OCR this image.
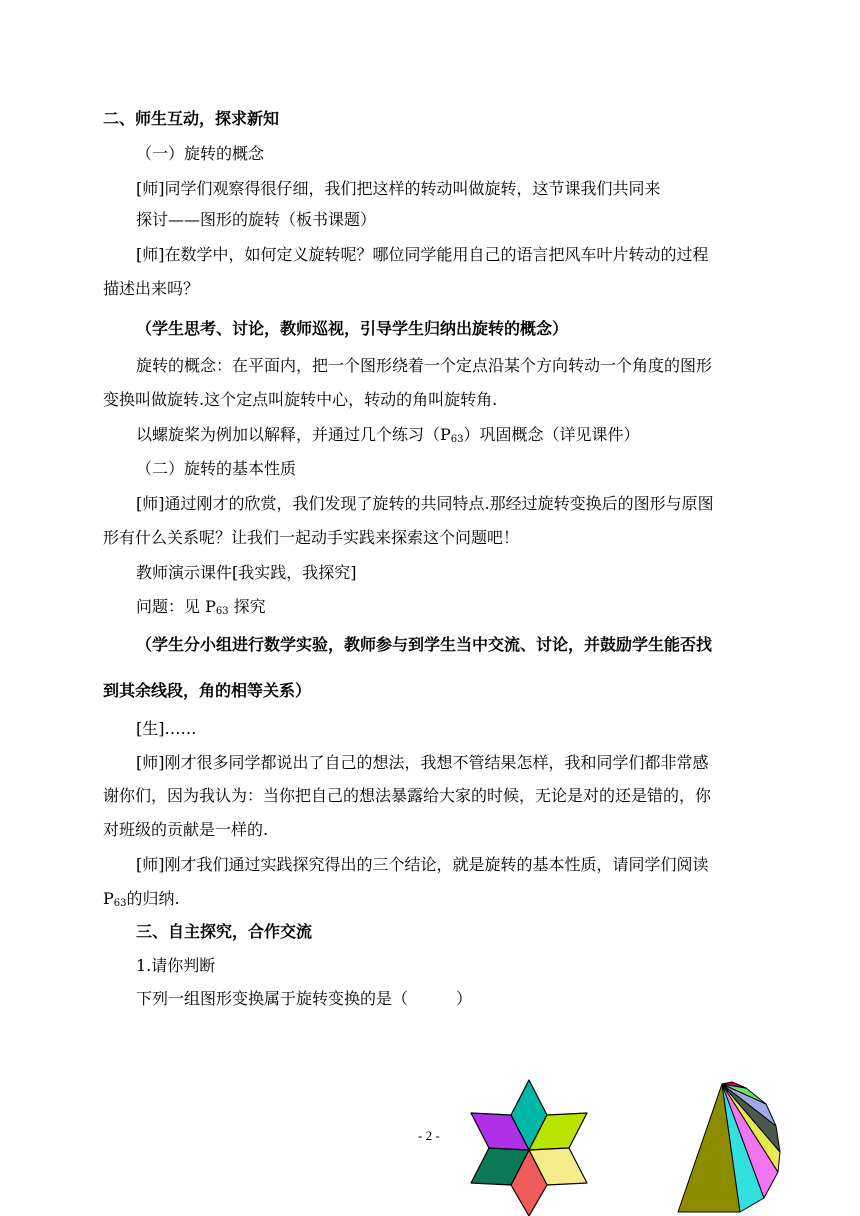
二、师生互动，探求新知
（一）旋转的概念
[师]同学们观察得很仔细，我们把这样的转动叫做旋转，这节课我们共同来
探讨——图形的旋转（板书课题）
[师]在数学中，如何定义旋转呢？哪位同学能用自己的语言把风车叶片转动的过程
描述出来吗？
（学生思考、讨论，教师巡视，引导学生归纳出旋转的概念）
旋转的概念：在平面内，把一个图形绕着一个定点沿某个方向转动一个角度的图形
变换叫做旋转.这个定点叫旋转中心，转动的角叫旋转角.
以螺旋桨为例加以解释，并通过几个练习$(P_{63})$巩固概念（详见课件）
（二）旋转的基本性质
[师]通过刚才的欣赏，我们发现了旋转的共同特点.那经过旋转变换后的图形与原图
形有什么关系呢？让我们一起动手实践来探索这个问题吧！
教师演示课件[我实践，我探究]
问题：见 $P_{63}$ 探究
（学生分小组进行数学实验，教师参与到学生当中交流、讨论，并鼓励学生能否找
到其余线段，角的相等关系）
[生]……
[师]刚才很多同学都说出了自己的想法，我想不管结果怎样，我和同学们都非常感
谢你们，因为我认为：当你把自己的想法暴露给大家的时候，无论是对的还是错的，你
对班级的贡献是一样的.
[师]刚才我们通过实践探究得出的三个结论，就是旋转的基本性质，请同学们阅读
$P_{63}$的归纳.
三、自主探究，合作交流
1.请你判断
下列一组图形变换属于旋转变换的是（　　　）
- 2 -
